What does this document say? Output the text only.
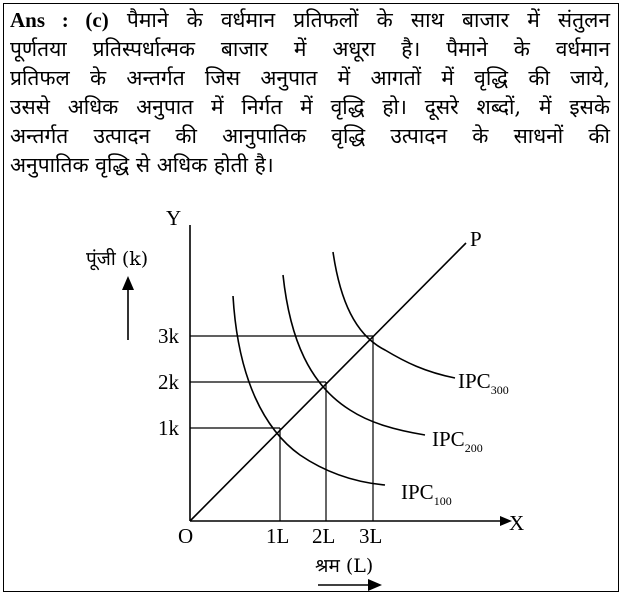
Ans : (c) पैमाने के वर्धमान प्रतिफलों के साथ बाजार में संतुलन
पूर्णतया प्रतिस्पर्धात्मक बाजार में अधूरा है। पैमाने के वर्धमान
प्रतिफल के अन्तर्गत जिस अनुपात में आगतों में वृद्धि की जाये,
उससे अधिक अनुपात में निर्गत में वृद्धि हो। दूसरे शब्दों, में इसके
अन्तर्गत उत्पादन की आनुपातिक वृद्धि उत्पादन के साधनों की

अनुपातिक वृद्धि से अधिक होती है।
Y
X
O
P
पूंजी (k)
श्रम (L)
3k
2k
1k
1L 2L 3L
$IPC_{300}$
$IPC_{200}$
$IPC_{100}$
